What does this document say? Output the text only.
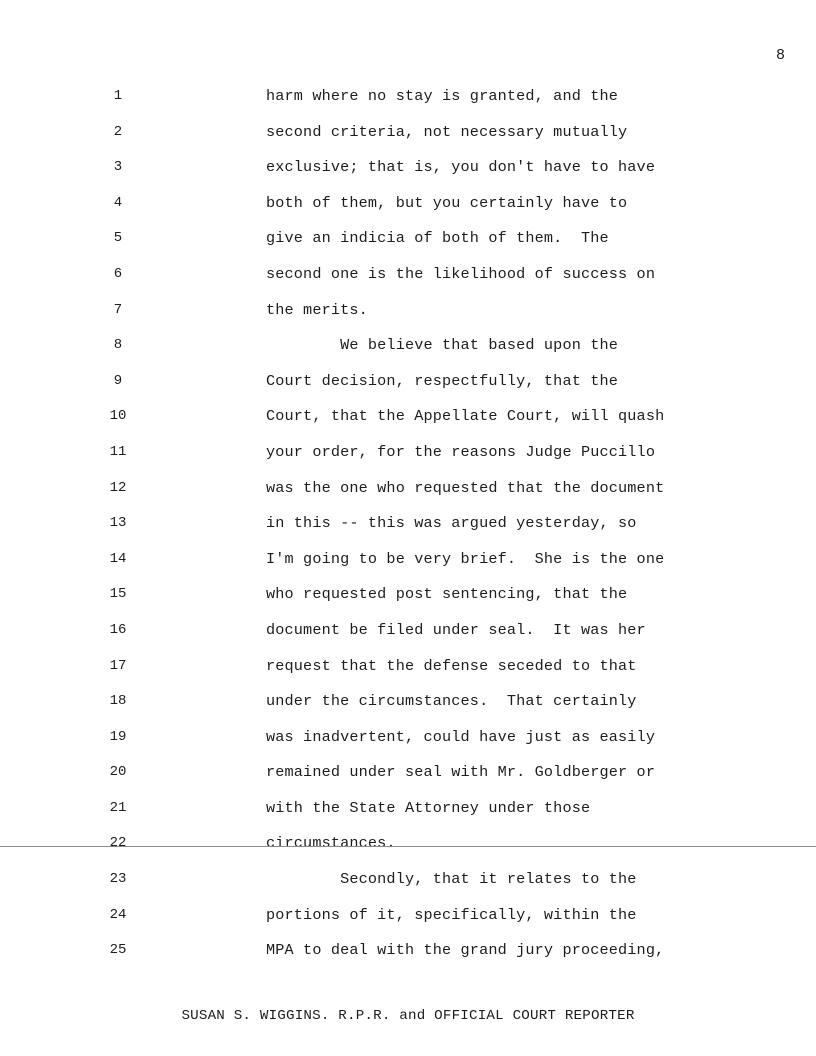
8
1	harm where no stay is granted, and the
2	second criteria, not necessary mutually
3	exclusive; that is, you don't have to have
4	both of them, but you certainly have to
5	give an indicia of both of them.  The
6	second one is the likelihood of success on
7	the merits.
8	We believe that based upon the
9	Court decision, respectfully, that the
10	Court, that the Appellate Court, will quash
11	your order, for the reasons Judge Puccillo
12	was the one who requested that the document
13	in this -- this was argued yesterday, so
14	I'm going to be very brief.  She is the one
15	who requested post sentencing, that the
16	document be filed under seal.  It was her
17	request that the defense seceded to that
18	under the circumstances.  That certainly
19	was inadvertent, could have just as easily
20	remained under seal with Mr. Goldberger or
21	with the State Attorney under those
22	circumstances.
23	Secondly, that it relates to the
24	portions of it, specifically, within the
25	MPA to deal with the grand jury proceeding,
SUSAN S. WIGGINS. R.P.R. and OFFICIAL COURT REPORTER
